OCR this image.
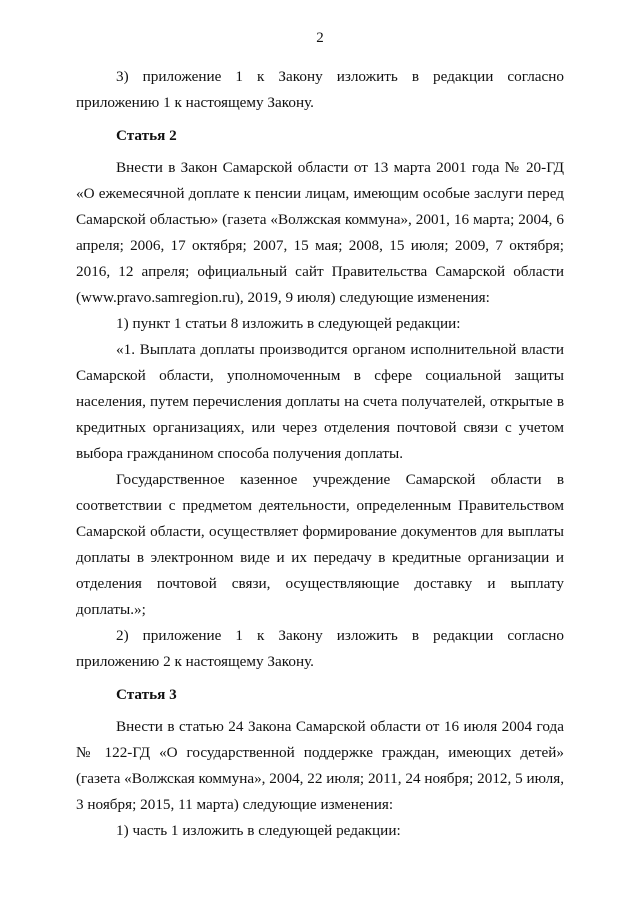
2

3) приложение 1 к Закону изложить в редакции согласно приложению 1 к настоящему Закону.

Статья 2

Внести в Закон Самарской области от 13 марта 2001 года № 20-ГД «О ежемесячной доплате к пенсии лицам, имеющим особые заслуги перед Самарской областью» (газета «Волжская коммуна», 2001, 16 марта; 2004, 6 апреля; 2006, 17 октября; 2007, 15 мая; 2008, 15 июля; 2009, 7 октября; 2016, 12 апреля; официальный сайт Правительства Самарской области (www.pravo.samregion.ru), 2019, 9 июля) следующие изменения:

1) пункт 1 статьи 8 изложить в следующей редакции:

«1. Выплата доплаты производится органом исполнительной власти Самарской области, уполномоченным в сфере социальной защиты населения, путем перечисления доплаты на счета получателей, открытые в кредитных организациях, или через отделения почтовой связи с учетом выбора гражданином способа получения доплаты.

Государственное казенное учреждение Самарской области в соответствии с предметом деятельности, определенным Правительством Самарской области, осуществляет формирование документов для выплаты доплаты в электронном виде и их передачу в кредитные организации и отделения почтовой связи, осуществляющие доставку и выплату доплаты.»;

2) приложение 1 к Закону изложить в редакции согласно приложению 2 к настоящему Закону.

Статья 3

Внести в статью 24 Закона Самарской области от 16 июля 2004 года № 122-ГД «О государственной поддержке граждан, имеющих детей» (газета «Волжская коммуна», 2004, 22 июля; 2011, 24 ноября; 2012, 5 июля, 3 ноября; 2015, 11 марта) следующие изменения:

1) часть 1 изложить в следующей редакции:
